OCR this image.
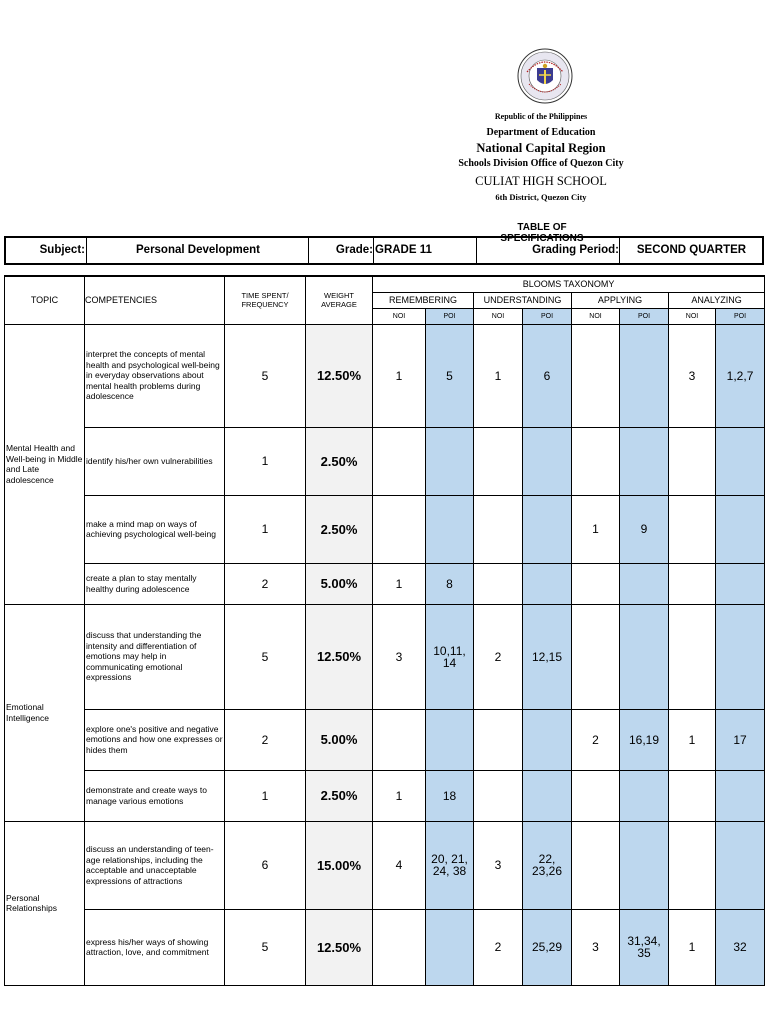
Republic of the Philippines
Department of Education
National Capital Region
Schools Division Office of Quezon City
CULIAT HIGH SCHOOL
6th District, Quezon City
TABLE OF SPECIFICATIONS
Subject:	Personal Development	Grade: GRADE 11	Grading Period:	SECOND QUARTER
TOPIC	COMPETENCIES	TIME SPENT/ FREQUENCY	WEIGHT AVERAGE	BLOOMS TAXONOMY							
				REMEMBERING		UNDERSTANDING		APPLYING		ANALYZING	
				NOI	POI	NOI	POI	NOI	POI	NOI	POI
Mental Health and Well-being in Middle and Late adolescence	interpret the concepts of mental health and psychological well-being in everyday observations about mental health problems during adolescence	5	12.50%	1	5	1	6			3	1,2,7
	identify his/her own vulnerabilities	1	2.50%								
	make a mind map on ways of achieving psychological well-being	1	2.50%					1	9		
	create a plan to stay mentally healthy during adolescence	2	5.00%	1	8						
Emotional Intelligence	discuss that understanding the intensity and differentiation of emotions may help in communicating emotional expressions	5	12.50%	3	10,11, 14	2	12,15				
	explore one's positive and negative emotions and how one expresses or hides them	2	5.00%					2	16,19	1	17
	demonstrate and create ways to manage various emotions	1	2.50%	1	18						
Personal Relationships	discuss an understanding of teen-age relationships, including the acceptable and unacceptable expressions of attractions	6	15.00%	4	20, 21, 24, 38	3	22, 23,26				
	express his/her ways of showing attraction, love, and commitment	5	12.50%			2	25,29	3	31,34, 35	1	32
